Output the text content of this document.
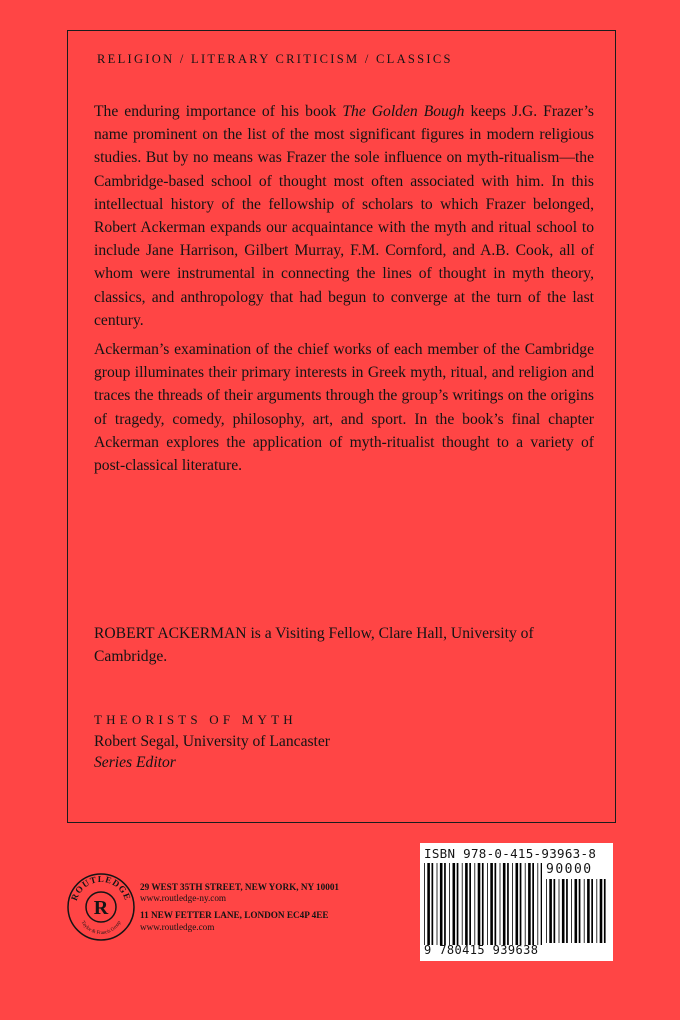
RELIGION / LITERARY CRITICISM / CLASSICS

The enduring importance of his book The Golden Bough keeps J.G. Frazer’s name prominent on the list of the most significant figures in modern religious studies. But by no means was Frazer the sole influence on myth-ritualism—the Cambridge-based school of thought most often associated with him. In this intellectual history of the fellowship of scholars to which Frazer belonged, Robert Ackerman expands our acquaintance with the myth and ritual school to include Jane Harrison, Gilbert Murray, F.M. Cornford, and A.B. Cook, all of whom were instrumental in connecting the lines of thought in myth theory, classics, and anthropology that had begun to converge at the turn of the last century.

Ackerman’s examination of the chief works of each member of the Cambridge group illuminates their primary interests in Greek myth, ritual, and religion and traces the threads of their arguments through the group’s writings on the origins of tragedy, comedy, philosophy, art, and sport. In the book’s final chapter Ackerman explores the application of myth-ritualist thought to a variety of post-classical literature.

ROBERT ACKERMAN is a Visiting Fellow, Clare Hall, University of Cambridge.
THEORISTS OF MYTH
Robert Segal, University of Lancaster
Series Editor
ROUTLEDGE
Taylor & Francis Group
R
29 WEST 35TH STREET, NEW YORK, NY 10001
www.routledge-ny.com
11 NEW FETTER LANE, LONDON EC4P 4EE
www.routledge.com
ISBN 978-0-415-93963-8
90000
9 780415 939638
